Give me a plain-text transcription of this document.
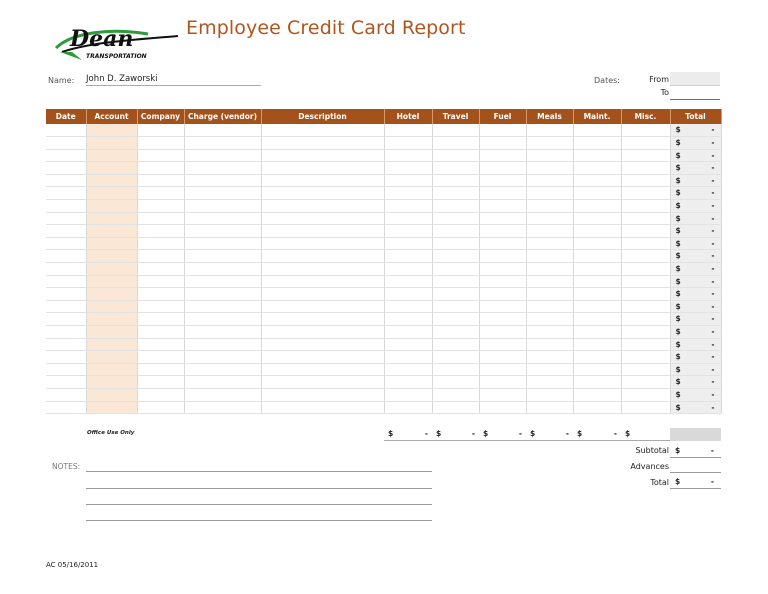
Dean
TRANSPORTATION
Employee Credit Card Report
Name: John D. Zaworski	Dates:	From
To
Date	Account	Company	Charge (vendor)	Description	Hotel	Travel	Fuel	Meals	Maint.	Misc.	Total

											$ -

											$ -

											$ -

											$ -

											$ -

											$ -

											$ -

											$ -

											$ -

											$ -

											$ -

											$ -

											$ -

											$ -

											$ -

											$ -

											$ -

											$ -

											$ -

											$ -

											$ -

											$ -

											$ -
Office Use Only	$	- $	- $	- $	- $	- $
Subtotal $	-
Advances
Total $	-
NOTES:
AC 05/16/2011
